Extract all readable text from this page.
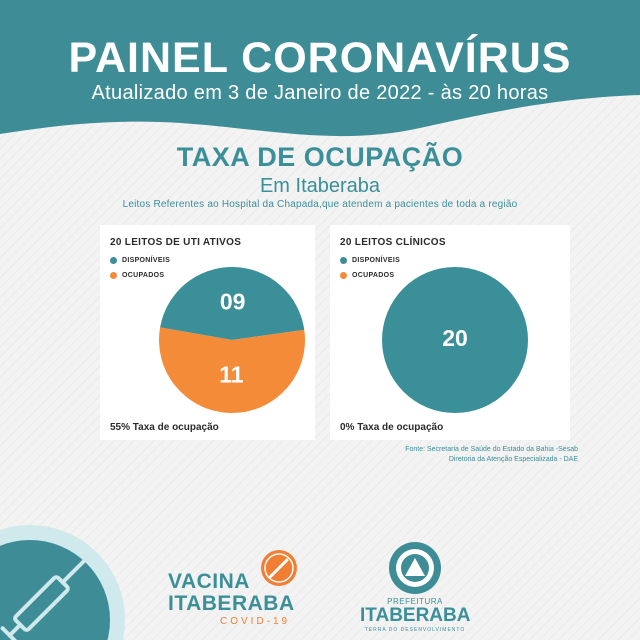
PAINEL CORONAVÍRUS
Atualizado em 3 de Janeiro de 2022 - às 20 horas
TAXA DE OCUPAÇÃO
Em Itaberaba
Leitos Referentes ao Hospital da Chapada,que atendem a pacientes de toda a região
20 LEITOS DE UTI ATIVOS
DISPONÍVEIS
OCUPADOS
09
11
55% Taxa de ocupação
20 LEITOS CLÍNICOS
DISPONÍVEIS
OCUPADOS
20
0% Taxa de ocupação
Fonte: Secretaria de Saúde do Estado da Bahia -Sesab
Diretoria da Atenção Especializada - DAE
VACINA
ITABERABA
COVID-19
PREFEITURA
ITABERABA
TERRA DO DESENVOLVIMENTO
